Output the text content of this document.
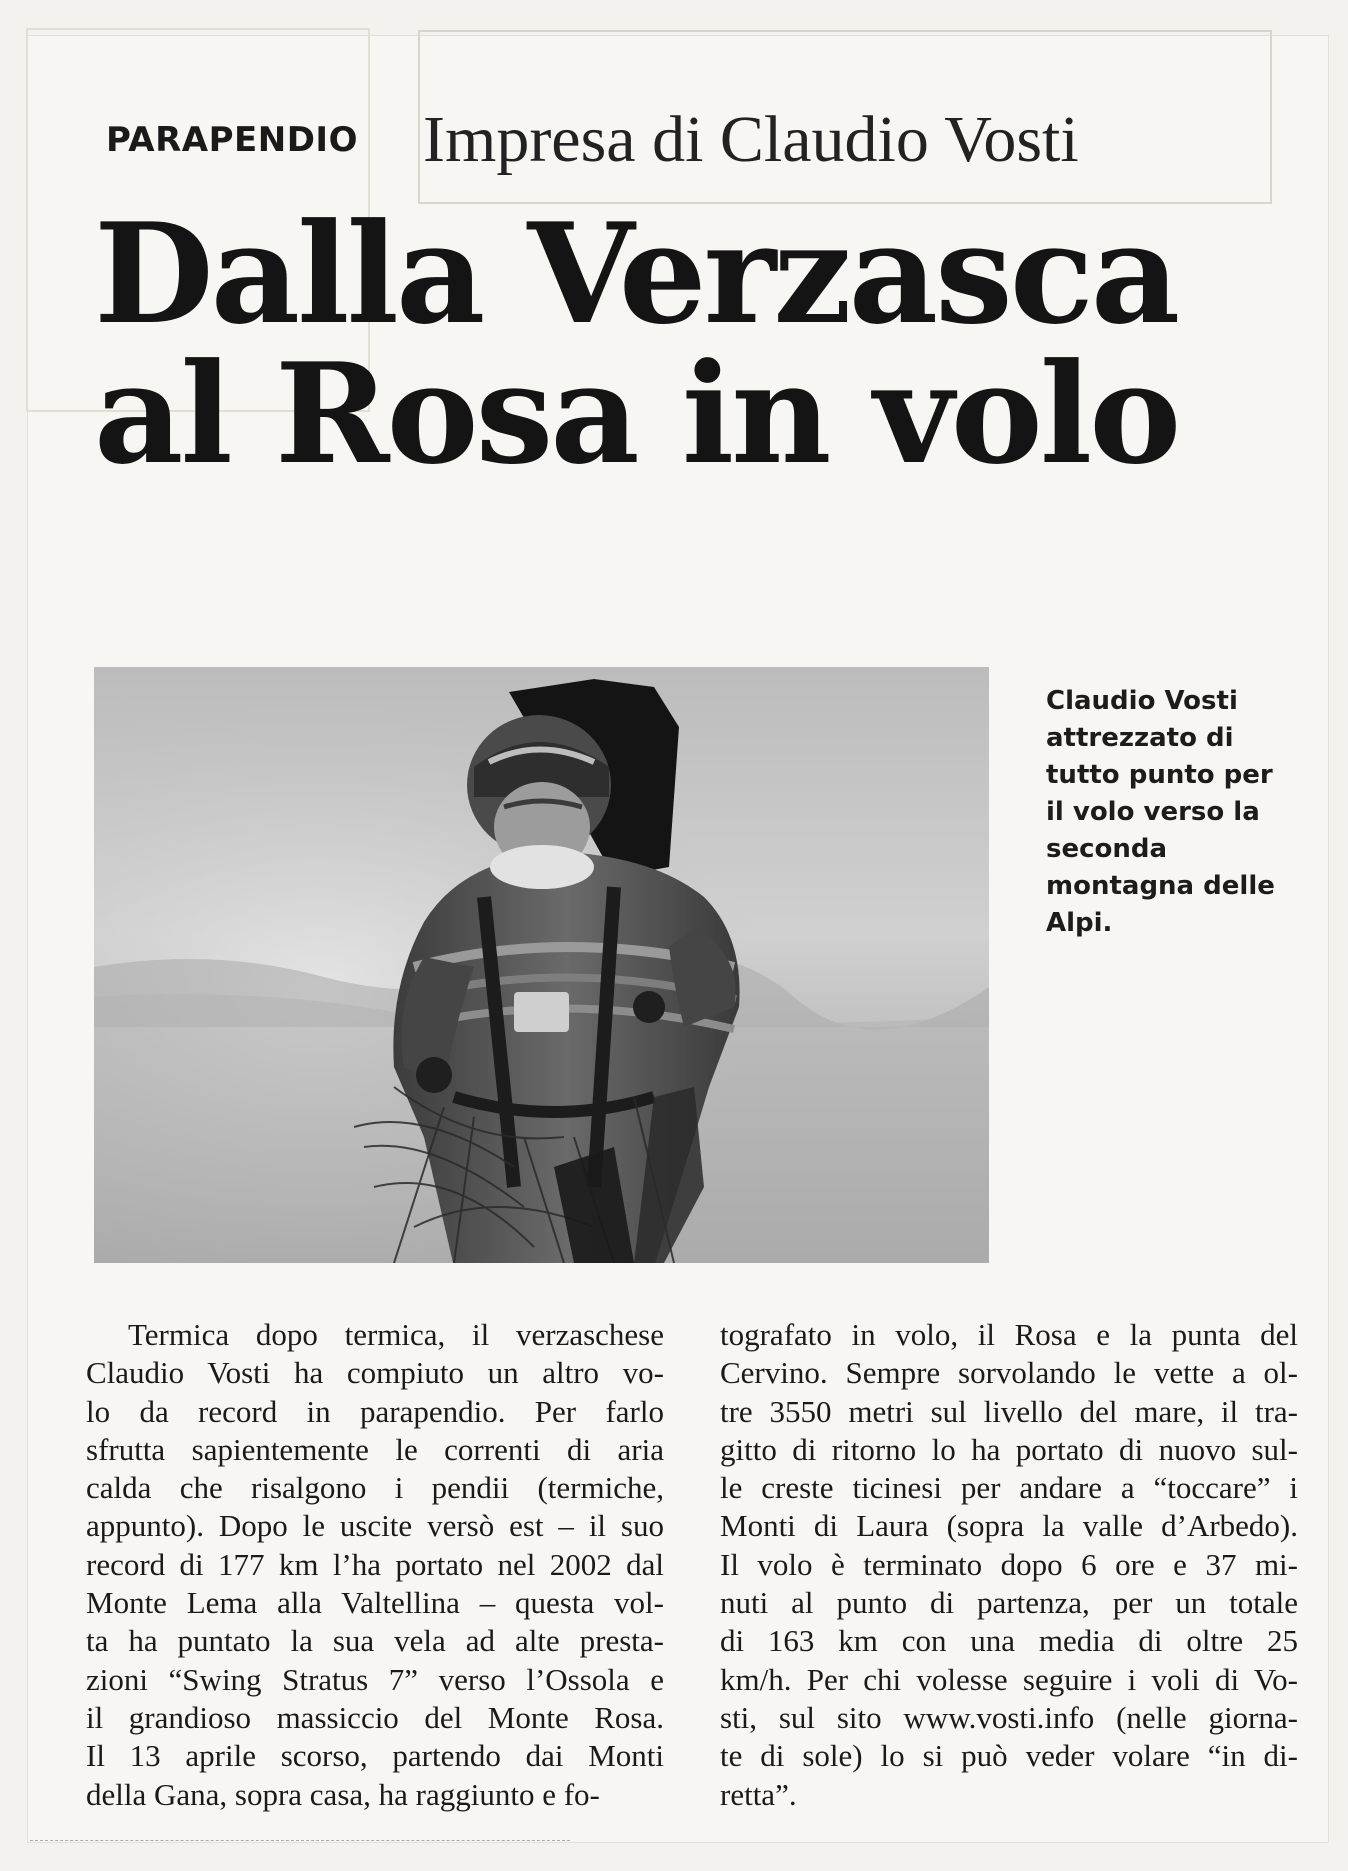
PARAPENDIO Impresa di Claudio Vosti
Dalla Verzasca
al Rosa in volo
Claudio Vosti attrezzato di tutto punto per il volo verso la seconda montagna delle Alpi.
Termica dopo termica, il verzaschese
Claudio Vosti ha compiuto un altro vo-
lo da record in parapendio. Per farlo
sfrutta sapientemente le correnti di aria
calda che risalgono i pendii (termiche,
appunto). Dopo le uscite versò est – il suo
record di 177 km l’ha portato nel 2002 dal
Monte Lema alla Valtellina – questa vol-
ta ha puntato la sua vela ad alte presta-
zioni “Swing Stratus 7” verso l’Ossola e
il grandioso massiccio del Monte Rosa.
Il 13 aprile scorso, partendo dai Monti
della Gana, sopra casa, ha raggiunto e fo-
tografato in volo, il Rosa e la punta del
Cervino. Sempre sorvolando le vette a ol-
tre 3550 metri sul livello del mare, il tra-
gitto di ritorno lo ha portato di nuovo sul-
le creste ticinesi per andare a “toccare” i
Monti di Laura (sopra la valle d’Arbedo).
Il volo è terminato dopo 6 ore e 37 mi-
nuti al punto di partenza, per un totale
di 163 km con una media di oltre 25
km/h. Per chi volesse seguire i voli di Vo-
sti, sul sito www.vosti.info (nelle giorna-
te di sole) lo si può veder volare “in di-
retta”.
